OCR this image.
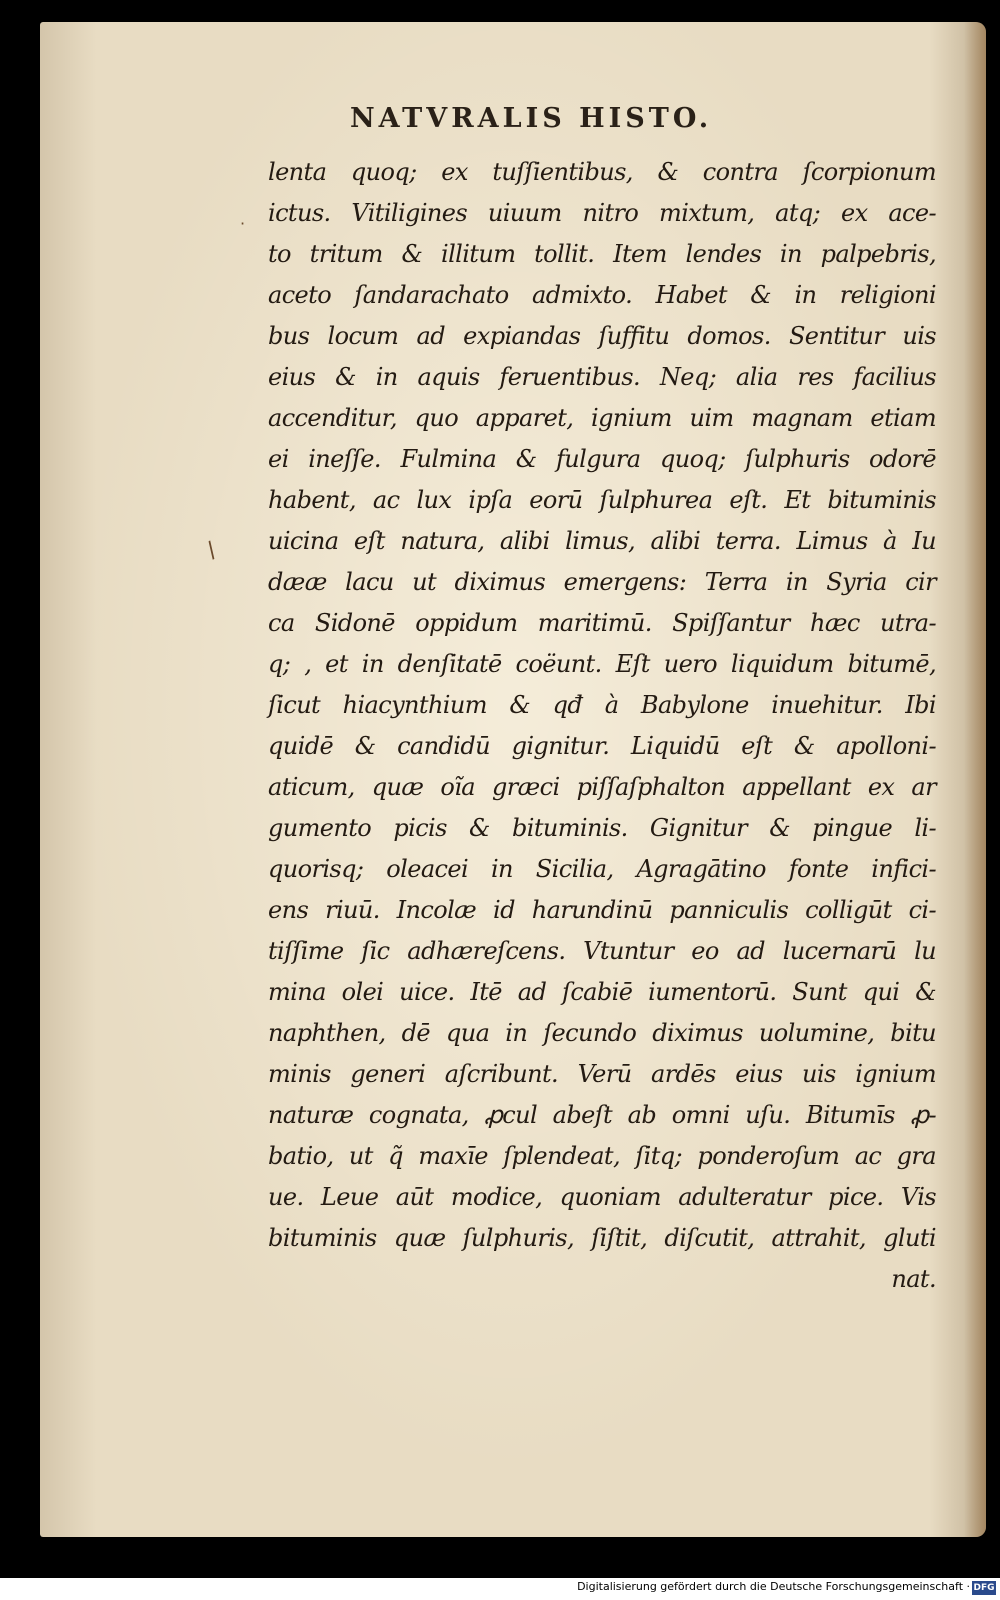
NATVRALIS HISTO.
·
/
lenta quoq; ex tuſſientibus, & contra ſcorpionum
ictus. Vitiligines uiuum nitro mixtum, atq; ex ace-
to tritum & illitum tollit. Item lendes in palpebris,
aceto ſandarachato admixto. Habet & in religioni
bus locum ad expiandas ſuffitu domos. Sentitur uis
eius & in aquis feruentibus. Neq; alia res facilius
accenditur, quo apparet, ignium uim magnam etiam
ei ineſſe. Fulmina & fulgura quoq; ſulphuris odorē
habent, ac lux ipſa eorū ſulphurea eſt. Et bituminis
uicina eſt natura, alibi limus, alibi terra. Limus à Iu
dææ lacu ut diximus emergens: Terra in Syria cir
ca Sidonē oppidum maritimū. Spiſſantur hæc utra-
q; , et in denſitatē coëunt. Eſt uero liquidum bitumē,
ſicut hiacynthium & qđ à Babylone inuehitur. Ibi
quidē & candidū gignitur. Liquidū eſt & apolloni-
aticum, quæ oĩa græci piſſaſphalton appellant ex ar
gumento picis & bituminis. Gignitur & pingue li-
quorisq; oleacei in Sicilia, Agragātino fonte infici-
ens riuū. Incolæ id harundinū panniculis colligūt ci-
tiſſime ſic adhæreſcens. Vtuntur eo ad lucernarū lu
mina olei uice. Itē ad ſcabiē iumentorū. Sunt qui &
naphthen, dē qua in ſecundo diximus uolumine, bitu
minis generi aſcribunt. Verū ardēs eius uis ignium
naturæ cognata, ꝓcul abeſt ab omni uſu. Bitumīs ꝓ-
batio, ut q̃ maxīe ſplendeat, ſitq; ponderoſum ac gra
ue. Leue aūt modice, quoniam adulteratur pice. Vis
bituminis quæ ſulphuris, ſiſtit, diſcutit, attrahit, gluti
nat.
Digitalisierung gefördert durch die Deutsche Forschungsgemeinschaft · DFG
